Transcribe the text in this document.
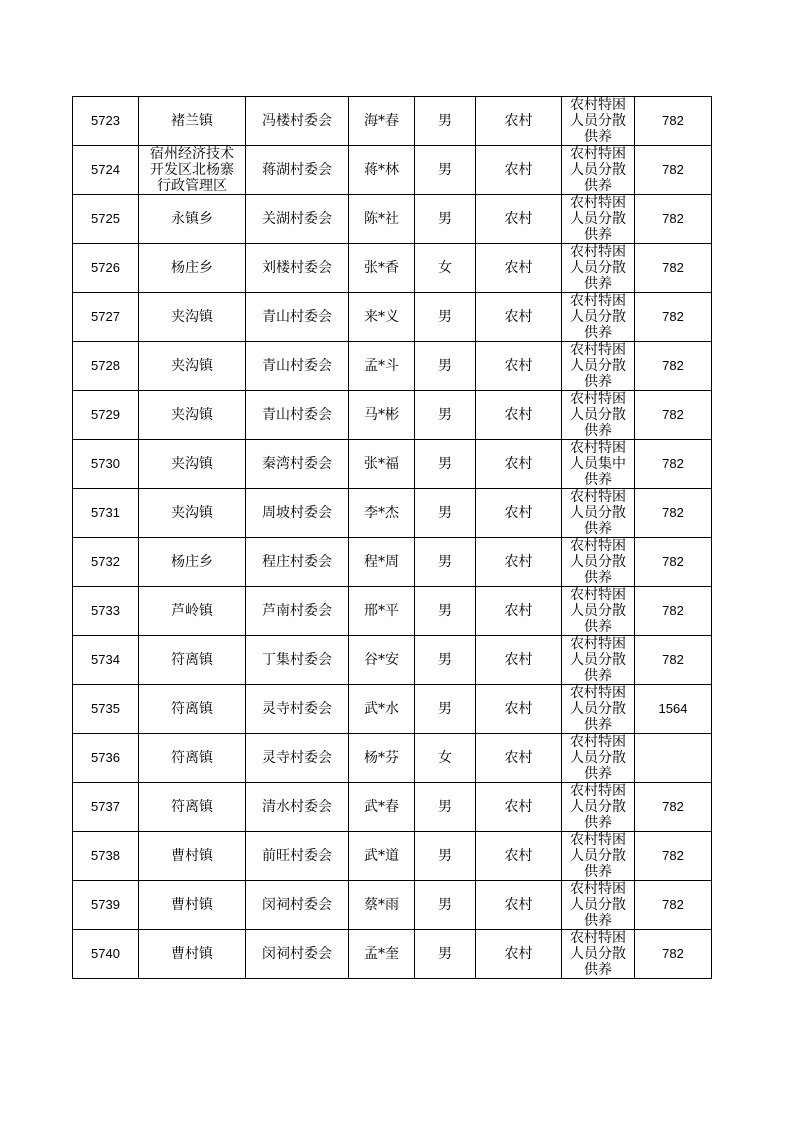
5723	褚兰镇	冯楼村委会	海*春	男	农村	农村特困人员分散供养	782
5724	宿州经济技术开发区北杨寨行政管理区	蒋湖村委会	蒋*林	男	农村	农村特困人员分散供养	782
5725	永镇乡	关湖村委会	陈*社	男	农村	农村特困人员分散供养	782
5726	杨庄乡	刘楼村委会	张*香	女	农村	农村特困人员分散供养	782
5727	夹沟镇	青山村委会	来*义	男	农村	农村特困人员分散供养	782
5728	夹沟镇	青山村委会	孟*斗	男	农村	农村特困人员分散供养	782
5729	夹沟镇	青山村委会	马*彬	男	农村	农村特困人员分散供养	782
5730	夹沟镇	秦湾村委会	张*福	男	农村	农村特困人员集中供养	782
5731	夹沟镇	周坡村委会	李*杰	男	农村	农村特困人员分散供养	782
5732	杨庄乡	程庄村委会	程*周	男	农村	农村特困人员分散供养	782
5733	芦岭镇	芦南村委会	邢*平	男	农村	农村特困人员分散供养	782
5734	符离镇	丁集村委会	谷*安	男	农村	农村特困人员分散供养	782
5735	符离镇	灵寺村委会	武*水	男	农村	农村特困人员分散供养	1564
5736	符离镇	灵寺村委会	杨*芬	女	农村	农村特困人员分散供养	

5737	符离镇	清水村委会	武*春	男	农村	农村特困人员分散供养	782
5738	曹村镇	前旺村委会	武*道	男	农村	农村特困人员分散供养	782
5739	曹村镇	闵祠村委会	蔡*雨	男	农村	农村特困人员分散供养	782
5740	曹村镇	闵祠村委会	孟*奎	男	农村	农村特困人员分散供养	782
